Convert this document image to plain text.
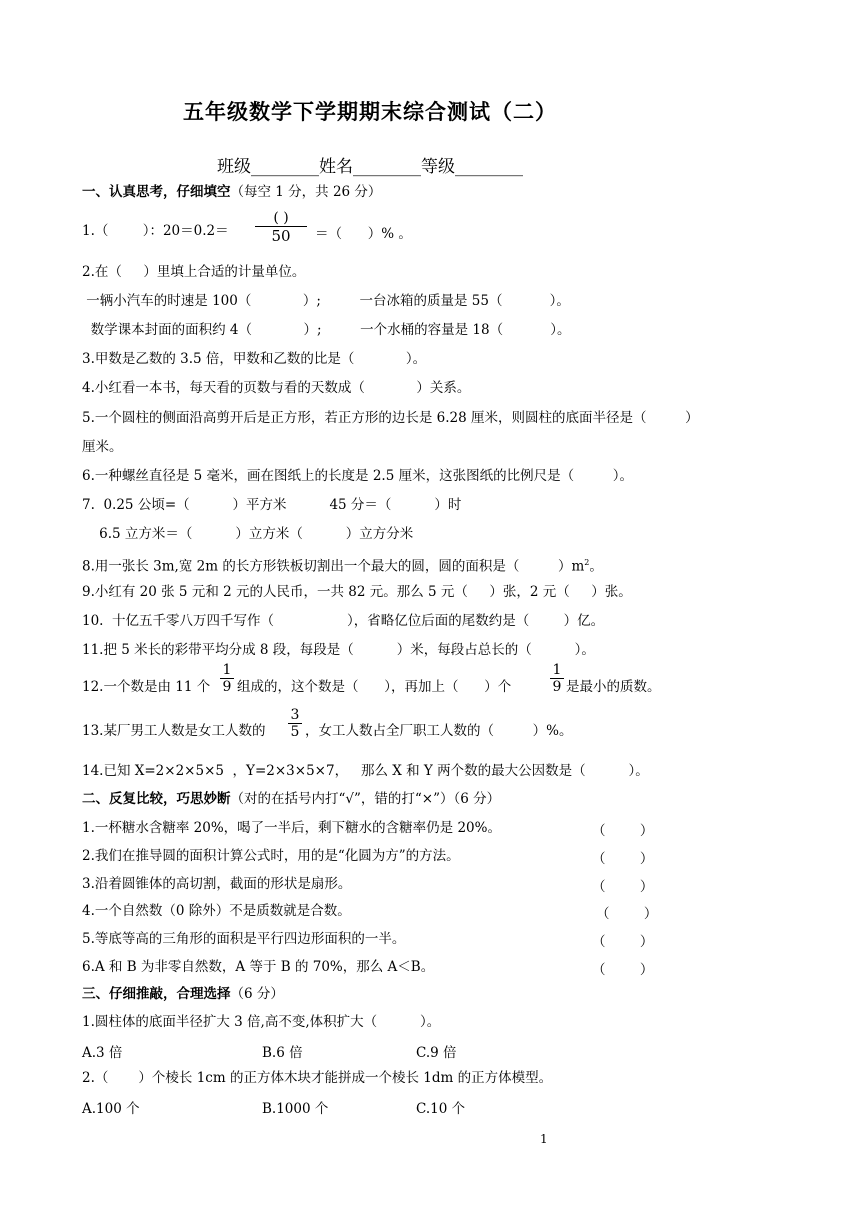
五年级数学下学期期末综合测试（二）
班级________姓名________等级________
一、认真思考，仔细填空（每空 1 分，共 26 分）
1.（        ）：20＝0.2＝
( )
50	＝（      ）% 。
2.在（     ）里填上合适的计量单位。
一辆小汽车的时速是 100（            ）;         一台冰箱的质量是 55（           ）。
数学课本封面的面积约 4（            ）;         一个水桶的容量是 18（           ）。
3.甲数是乙数的 3.5 倍，甲数和乙数的比是（            ）。
4.小红看一本书，每天看的页数与看的天数成（            ）关系。
5.一个圆柱的侧面沿高剪开后是正方形，若正方形的边长是 6.28 厘米，则圆柱的底面半径是（         ）
厘米。
6.一种螺丝直径是 5 毫米，画在图纸上的长度是 2.5 厘米，这张图纸的比例尺是（         ）。
7.  0.25 公顷=（          ）平方米          45 分＝（          ）时
6.5 立方米＝（          ）立方米（          ）立方分米
8.用一张长 3m,宽 2m 的长方形铁板切割出一个最大的圆，圆的面积是（         ）$m^2$。
9.小红有 20 张 5 元和 2 元的人民币，一共 82 元。那么 5 元（     ）张，2 元（     ）张。
10.  十亿五千零八万四千写作（                 ），省略亿位后面的尾数约是（        ）亿。
11.把 5 米长的彩带平均分成 8 段，每段是（          ）米，每段占总长的（          ）。
12.一个数是由 11 个
1
9 组成的，这个数是（      ），再加上（      ）个
1
9 是最小的质数。
13.某厂男工人数是女工人数的
3
5 ，女工人数占全厂职工人数的（         ）%。
14.已知 X=2×2×5×5  ，Y=2×3×5×7，   那么 X 和 Y 两个数的最大公因数是（          ）。
二、反复比较，巧思妙断（对的在括号内打“√”，错的打“×”）（6 分）
1.一杯糖水含糖率 20%，喝了一半后，剩下糖水的含糖率仍是 20%。	（        ）
2.我们在推导圆的面积计算公式时，用的是“化圆为方”的方法。	（        ）
3.沿着圆锥体的高切割，截面的形状是扇形。	（        ）
4.一个自然数（0 除外）不是质数就是合数。	（        ）
5.等底等高的三角形的面积是平行四边形面积的一半。	（        ）
6.A 和 B 为非零自然数，A 等于 B 的 70%，那么 A＜B。	（        ）
三、仔细推敲，合理选择（6 分）
1.圆柱体的底面半径扩大 3 倍,高不变,体积扩大（          ）。
A.3 倍	B.6 倍	C.9 倍
2.（       ）个棱长 1cm 的正方体木块才能拼成一个棱长 1dm 的正方体模型。
A.100 个	B.1000 个	C.10 个
1
